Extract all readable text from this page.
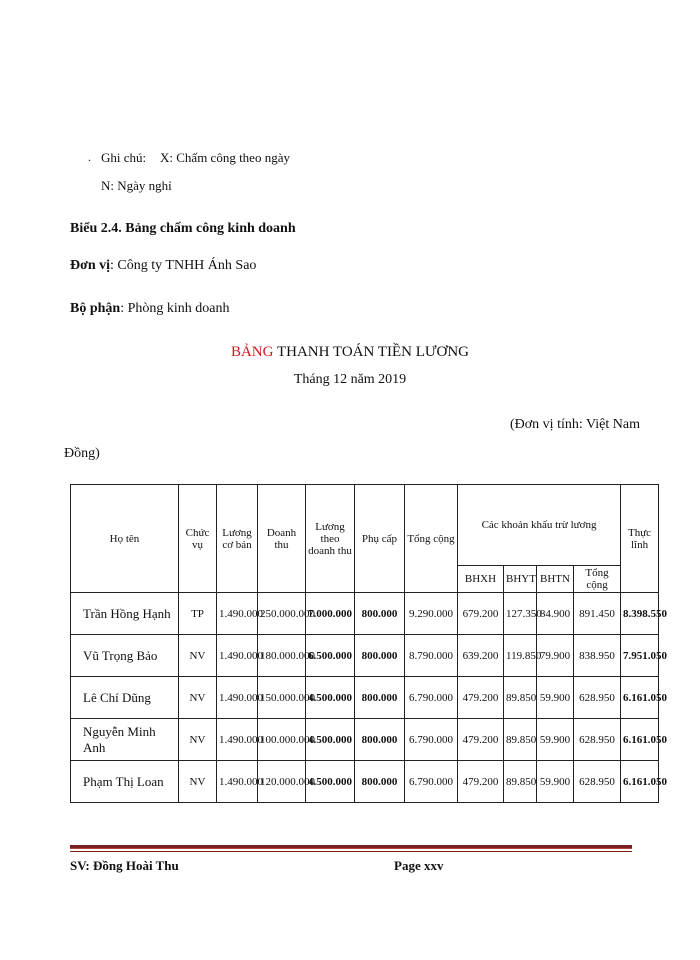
. Ghi chú: X: Chấm công theo ngày
N: Ngày nghỉ
Biểu 2.4. Bảng chấm công kinh doanh
Đơn vị: Công ty TNHH Ánh Sao
Bộ phận: Phòng kinh doanh
BẢNG THANH TOÁN TIỀN LƯƠNG
Tháng 12 năm 2019
(Đơn vị tính: Việt Nam
Đồng)
Họ tên	Chức vụ	Lương cơ bản	Doanh thu	Lương theo doanh thu	Phụ cấp	Tổng cộng	Các khoản khấu trừ lương				Thực lĩnh
							BHXH	BHYT	BHTN	Tổng cộng	
Trần Hồng Hạnh	TP	1.490.000	250.000.000	7.000.000	800.000	9.290.000	679.200	127.350	84.900	891.450	8.398.550
Vũ Trọng Bảo	NV	1.490.000	180.000.000	6.500.000	800.000	8.790.000	639.200	119.850	79.900	838.950	7.951.050
Lê Chí Dũng	NV	1.490.000	150.000.000	4.500.000	800.000	6.790.000	479.200	89.850	59.900	628.950	6.161.050
Nguyễn Minh Anh	NV	1.490.000	100.000.000	4.500.000	800.000	6.790.000	479.200	89.850	59.900	628.950	6.161.050
Phạm Thị Loan	NV	1.490.000	120.000.000	4.500.000	800.000	6.790.000	479.200	89.850	59.900	628.950	6.161.050
SV: Đồng Hoài Thu	Page xxv
